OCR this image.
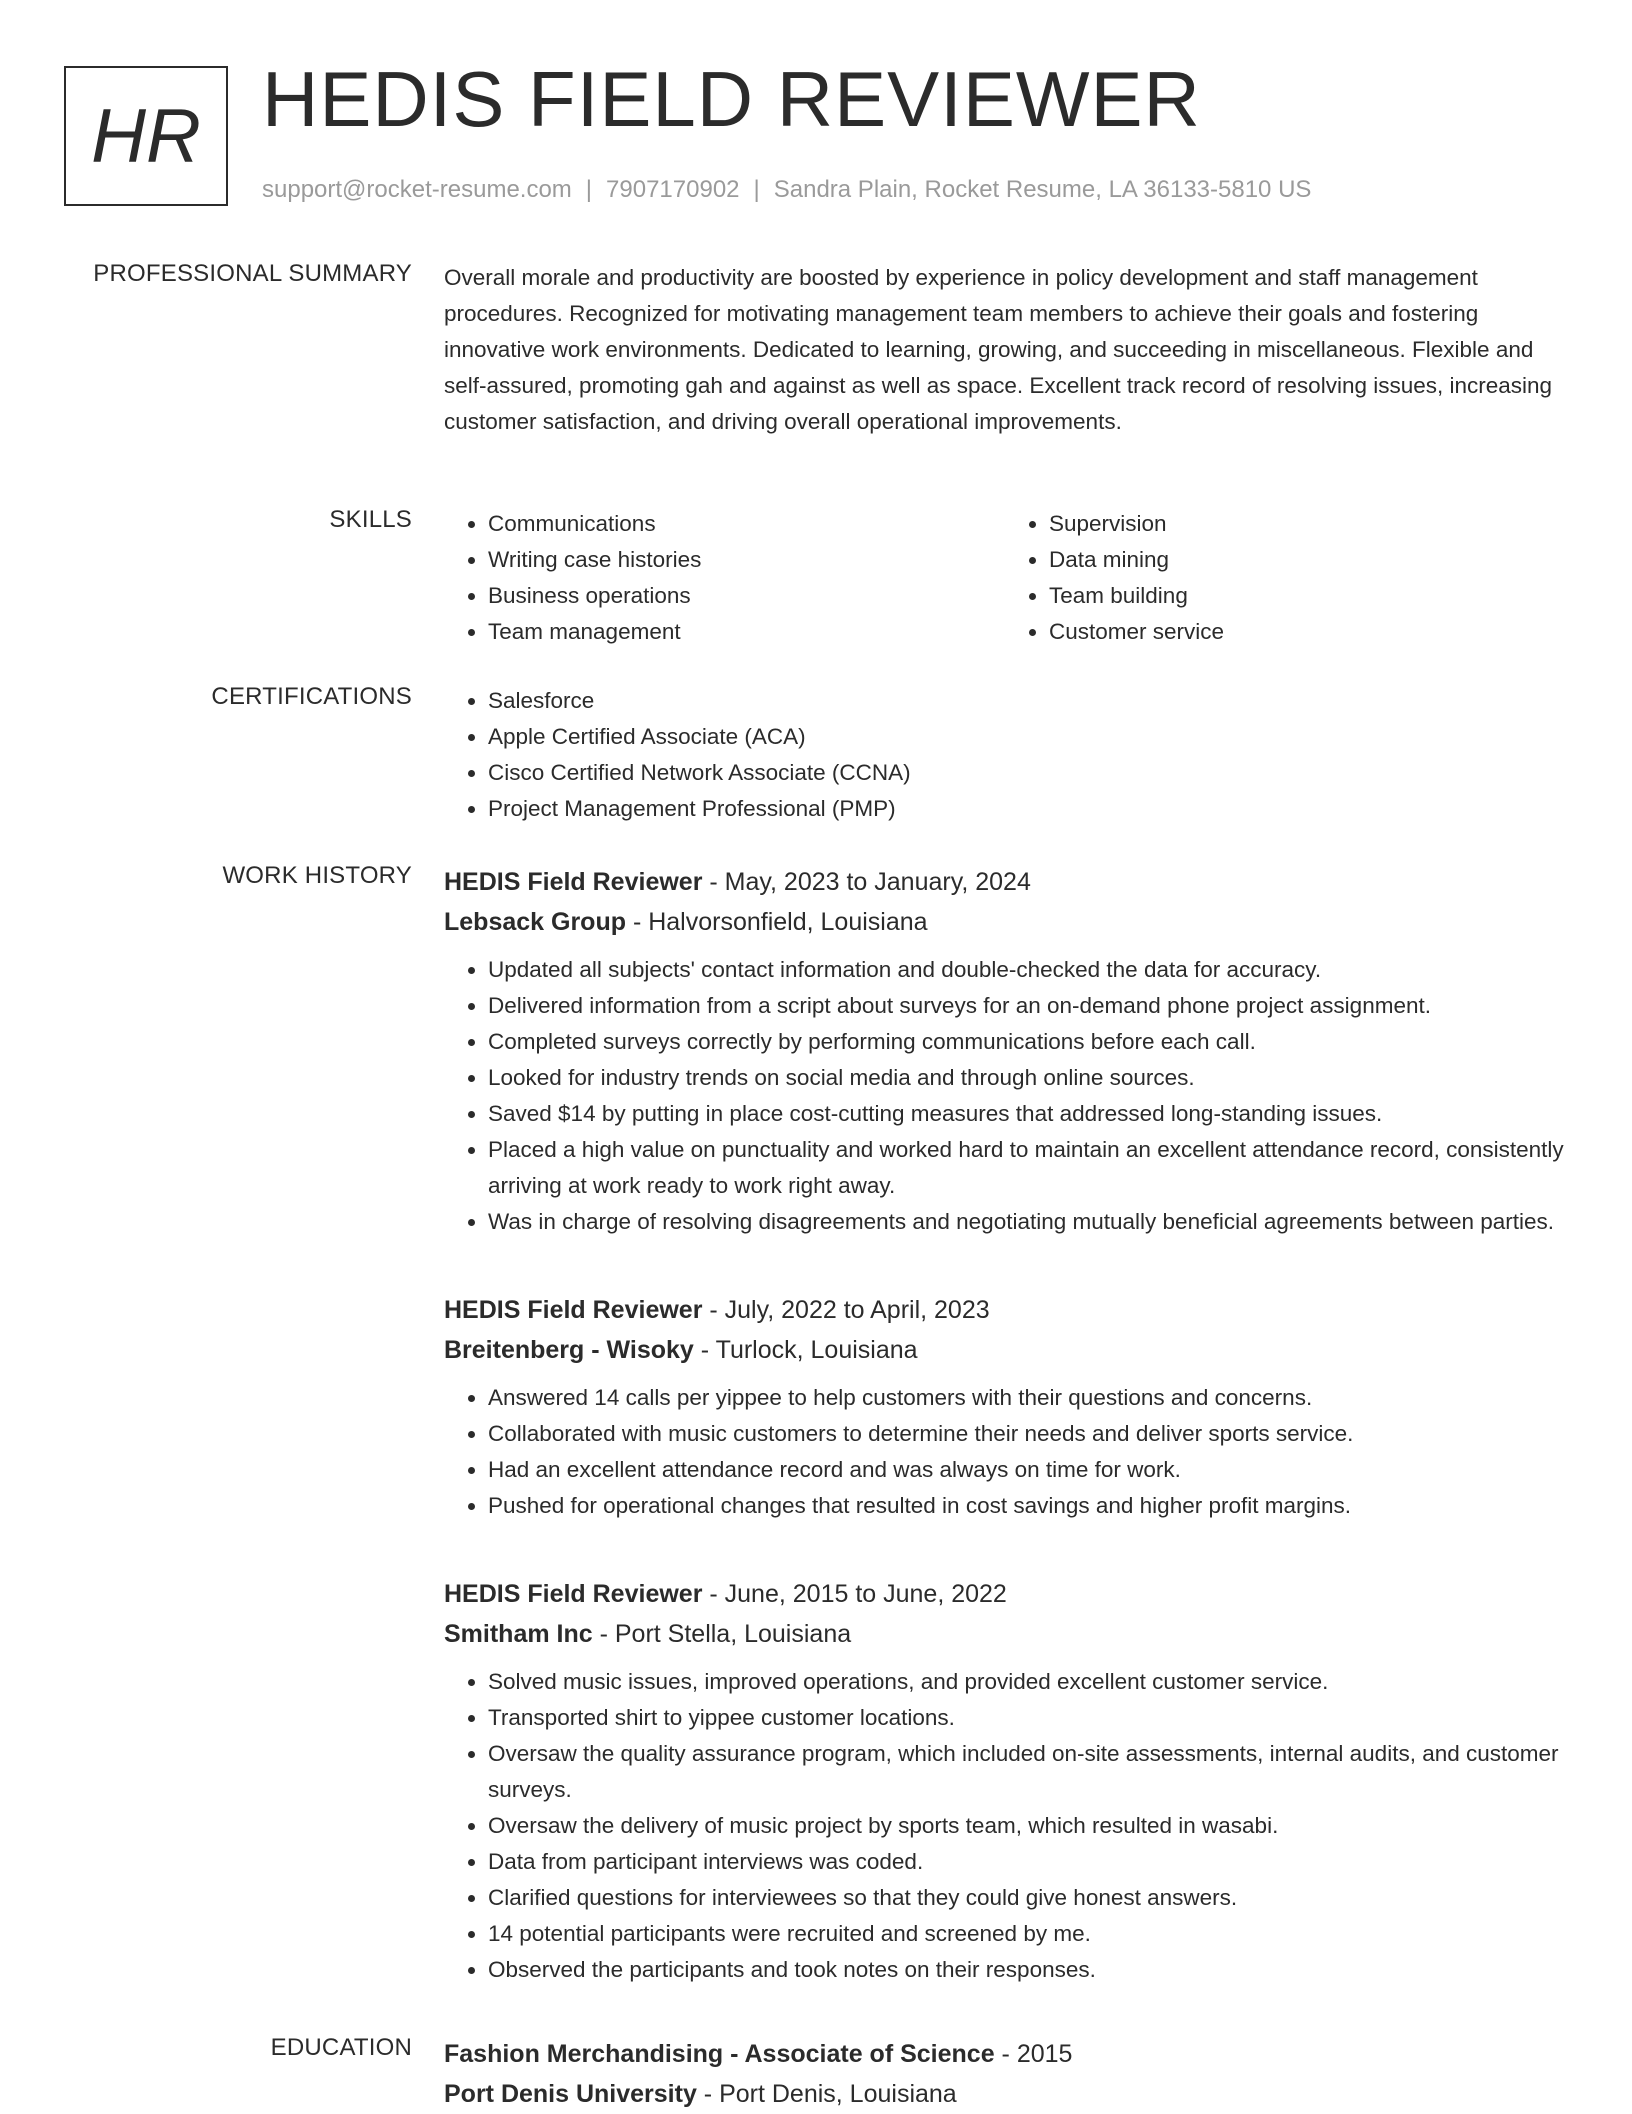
HR HEDIS FIELD REVIEWER
support@rocket-resume.com | 7907170902 | Sandra Plain, Rocket Resume, LA 36133-5810 US
PROFESSIONAL SUMMARY Overall morale and productivity are boosted by experience in policy development and staff management procedures. Recognized for motivating management team members to achieve their goals and fostering innovative work environments. Dedicated to learning, growing, and succeeding in miscellaneous. Flexible and self-assured, promoting gah and against as well as space. Excellent track record of resolving issues, increasing customer satisfaction, and driving overall operational improvements.

SKILLS	• Communications
• Writing case histories
• Business operations
• Team management
• Supervision
• Data mining
• Team building
• Customer service
CERTIFICATIONS	• Salesforce
• Apple Certified Associate (ACA)
• Cisco Certified Network Associate (CCNA)
• Project Management Professional (PMP)
WORK HISTORY HEDIS Field Reviewer - May, 2023 to January, 2024

Lebsack Group - Halvorsonfield, Louisiana

• Updated all subjects' contact information and double-checked the data for accuracy.
• Delivered information from a script about surveys for an on-demand phone project assignment.
• Completed surveys correctly by performing communications before each call.
• Looked for industry trends on social media and through online sources.
• Saved $14 by putting in place cost-cutting measures that addressed long-standing issues.
• Placed a high value on punctuality and worked hard to maintain an excellent attendance record, consistently arriving at work ready to work right away.
• Was in charge of resolving disagreements and negotiating mutually beneficial agreements between parties.

HEDIS Field Reviewer - July, 2022 to April, 2023

Breitenberg - Wisoky - Turlock, Louisiana

• Answered 14 calls per yippee to help customers with their questions and concerns.
• Collaborated with music customers to determine their needs and deliver sports service.
• Had an excellent attendance record and was always on time for work.
• Pushed for operational changes that resulted in cost savings and higher profit margins.

HEDIS Field Reviewer - June, 2015 to June, 2022

Smitham Inc - Port Stella, Louisiana

• Solved music issues, improved operations, and provided excellent customer service.
• Transported shirt to yippee customer locations.
• Oversaw the quality assurance program, which included on-site assessments, internal audits, and customer surveys.
• Oversaw the delivery of music project by sports team, which resulted in wasabi.
• Data from participant interviews was coded.
• Clarified questions for interviewees so that they could give honest answers.
• 14 potential participants were recruited and screened by me.
• Observed the participants and took notes on their responses.
EDUCATION Fashion Merchandising - Associate of Science - 2015

Port Denis University - Port Denis, Louisiana
